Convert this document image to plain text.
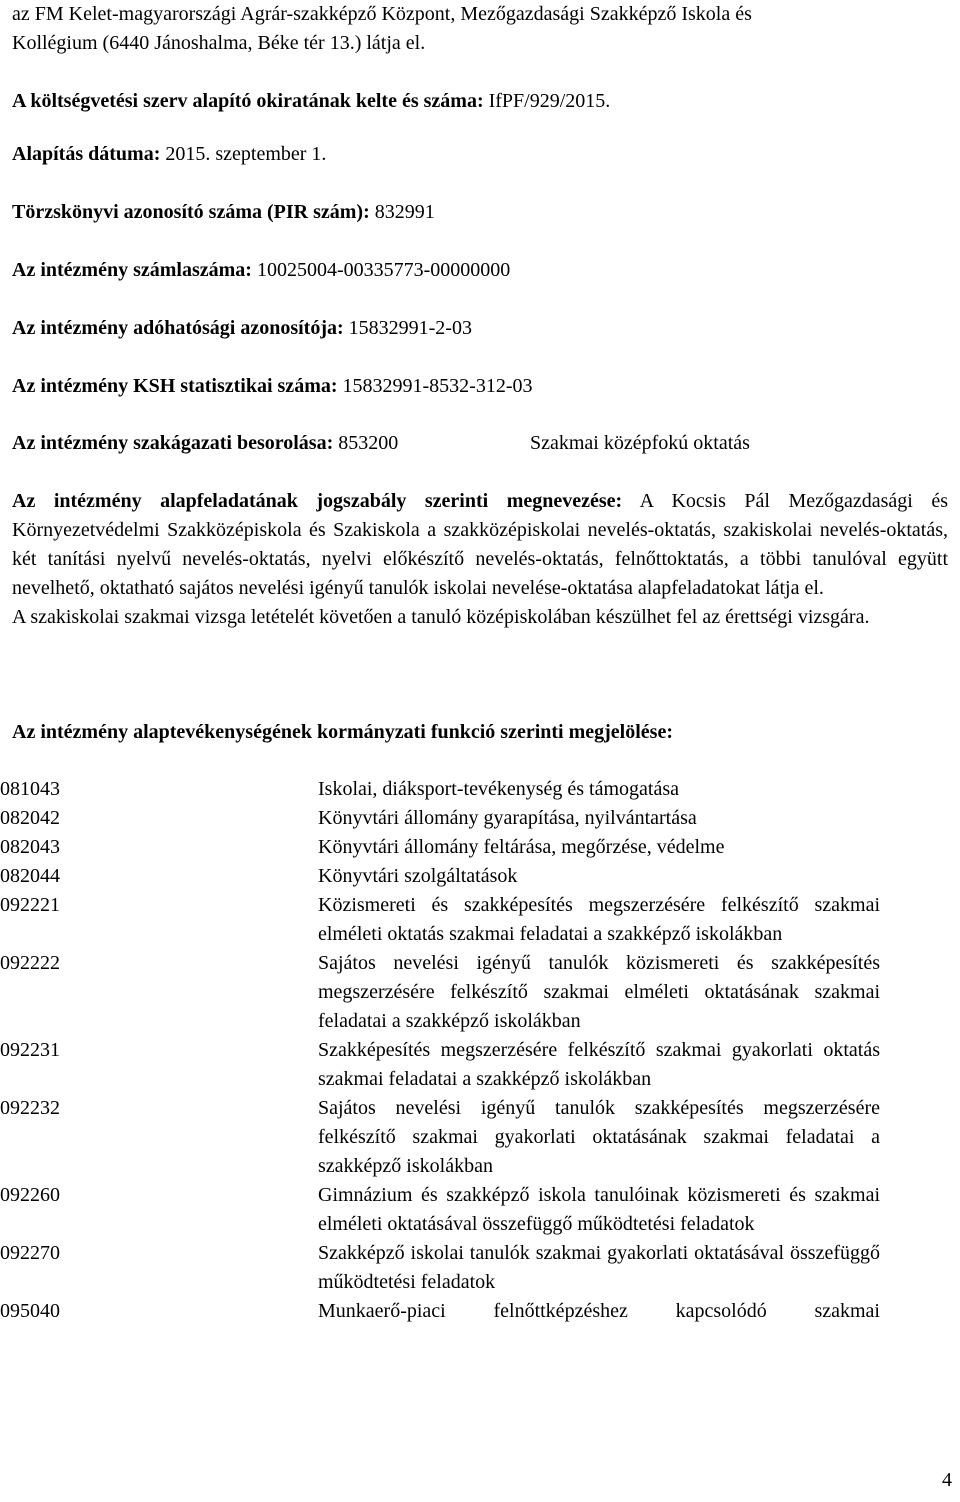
az FM Kelet-magyarországi Agrár-szakképző Központ, Mezőgazdasági Szakképző Iskola és

Kollégium (6440 Jánoshalma, Béke tér 13.) látja el.

A költségvetési szerv alapító okiratának kelte és száma: IfPF/929/2015.

Alapítás dátuma: 2015. szeptember 1.

Törzskönyvi azonosító száma (PIR szám): 832991

Az intézmény számlaszáma: 10025004-00335773-00000000

Az intézmény adóhatósági azonosítója: 15832991-2-03

Az intézmény KSH statisztikai száma: 15832991-8532-312-03

Az intézmény szakágazati besorolása: 853200	Szakmai középfokú oktatás

Az intézmény alapfeladatának jogszabály szerinti megnevezése: A Kocsis Pál Mezőgazdasági és Környezetvédelmi Szakközépiskola és Szakiskola a szakközépiskolai nevelés-oktatás, szakiskolai nevelés-oktatás, két tanítási nyelvű nevelés-oktatás, nyelvi előkészítő nevelés-oktatás, felnőttoktatás, a többi tanulóval együtt nevelhető, oktatható sajátos nevelési igényű tanulók iskolai nevelése-oktatása alapfeladatokat látja el.

A szakiskolai szakmai vizsga letételét követően a tanuló középiskolában készülhet fel az érettségi vizsgára.

Az intézmény alaptevékenységének kormányzati funkció szerinti megjelölése:

081043	Iskolai, diáksport-tevékenység és támogatása
082042	Könyvtári állomány gyarapítása, nyilvántartása
082043	Könyvtári állomány feltárása, megőrzése, védelme
082044	Könyvtári szolgáltatások
092221	Közismereti és szakképesítés megszerzésére felkészítő szakmai elméleti oktatás szakmai feladatai a szakképző iskolákban
092222	Sajátos nevelési igényű tanulók közismereti és szakképesítés megszerzésére felkészítő szakmai elméleti oktatásának szakmai feladatai a szakképző iskolákban
092231	Szakképesítés megszerzésére felkészítő szakmai gyakorlati oktatás szakmai feladatai a szakképző iskolákban
092232	Sajátos nevelési igényű tanulók szakképesítés megszerzésére felkészítő szakmai gyakorlati oktatásának szakmai feladatai a szakképző iskolákban
092260	Gimnázium és szakképző iskola tanulóinak közismereti és szakmai elméleti oktatásával összefüggő működtetési feladatok
092270	Szakképző iskolai tanulók szakmai gyakorlati oktatásával összefüggő működtetési feladatok
095040	Munkaerő-piaci felnőttképzéshez kapcsolódó szakmai
4
